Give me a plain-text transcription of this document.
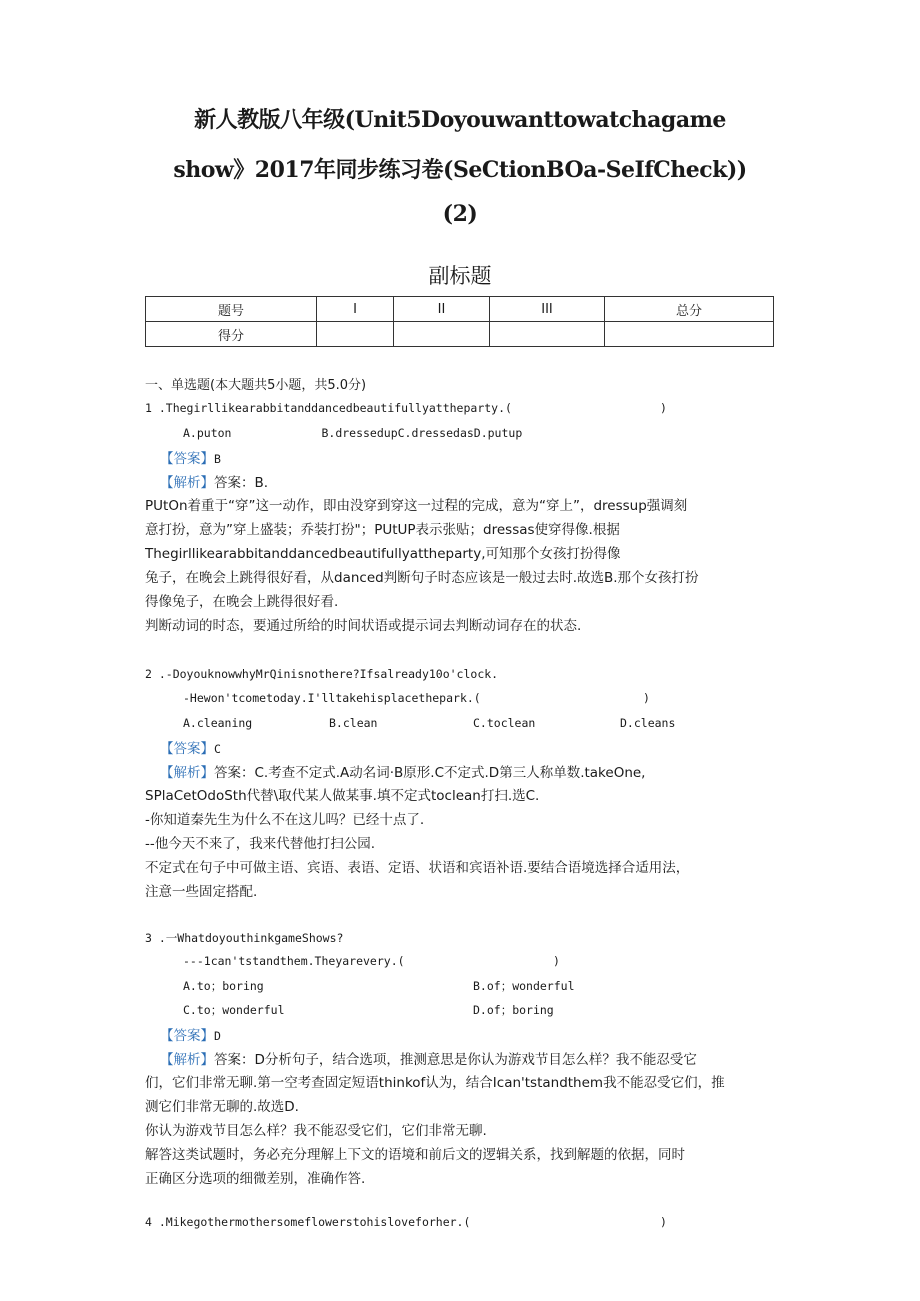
新人教版八年级(Unit5Doyouwanttowatchagame
show》2017年同步练习卷(SeCtionBOa-SeIfCheck))
(2)
副标题
题号	I	II	III	总分
得分				
一、单选题(本大题共5小题，共5.0分)
1 .Thegirllikearabbitanddancedbeautifullyattheparty.(	)
A.puton             B.dressedupC.dressedasD.putup
【答案】B
【解析】答案：B.
PUtOn着重于“穿”这一动作，即由没穿到穿这一过程的完成，意为“穿上”，dressup强调刻
意打扮，意为”穿上盛装；乔装打扮"；PUtUP表示张贴；dressas使穿得像.根据
Thegirllikearabbitanddancedbeautifullyattheparty,可知那个女孩打扮得像
兔子，在晚会上跳得很好看，从danced判断句子时态应该是一般过去时.故选B.那个女孩打扮
得像兔子，在晚会上跳得很好看.
判断动词的时态，要通过所给的时间状语或提示词去判断动词存在的状态.
2 .-DoyouknowwhyMrQinisnothere?Ifsalready10o'clock.
-Hewon'tcometoday.I'lltakehisplacethepark.(	)
A.cleaning	B.clean	C.toclean	D.cleans
【答案】C
【解析】答案：C.考查不定式.A动名词·B原形.C不定式.D第三人称单数.takeOne,
SPlaCetOdoSth代替\取代某人做某事.填不定式toclean打扫.选C.
-你知道秦先生为什么不在这儿吗？已经十点了.
--他今天不来了，我来代替他打扫公园.
不定式在句子中可做主语、宾语、表语、定语、状语和宾语补语.要结合语境选择合适用法，
注意一些固定搭配.
3 .一WhatdoyouthinkgameShows?
---1can'tstandthem.Theyarevery.(	)
A.to；boring	B.of；wonderful
C.to；wonderful	D.of；boring
【答案】D
【解析】答案：D分析句子，结合选项，推测意思是你认为游戏节目怎么样？我不能忍受它
们，它们非常无聊.第一空考查固定短语thinkof认为，结合Ican'tstandthem我不能忍受它们，推
测它们非常无聊的.故选D.
你认为游戏节目怎么样？我不能忍受它们，它们非常无聊.
解答这类试题时，务必充分理解上下文的语境和前后文的逻辑关系，找到解题的依据，同时
正确区分选项的细微差别，准确作答.
4 .Mikegothermothersomeflowerstohisloveforher.(	)
